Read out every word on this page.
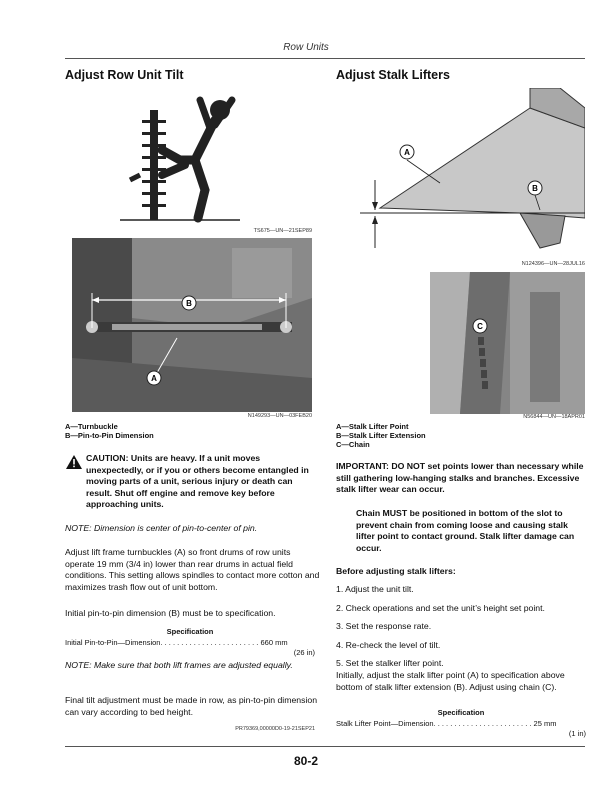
Row Units
Adjust Row Unit Tilt
TS675—UN—21SEP89
B
A
N149293—UN—03FEB20
A—Turnbuckle
B—Pin-to-Pin Dimension
CAUTION: Units are heavy. If a unit moves unexpectedly, or if you or others become entangled in moving parts of a unit, serious injury or death can result. Shut off engine and remove key before approaching units.
NOTE: Dimension is center of pin-to-center of pin.
Adjust lift frame turnbuckles (A) so front drums of row units operate 19 mm (3/4 in) lower than rear drums in actual field conditions. This setting allows spindles to contact more cotton and maximizes trash flow out of unit bottom.
Initial pin-to-pin dimension (B) must be to specification.
Specification
Initial Pin-to-Pin—Dimension. . . . . . . . . . . . . . . . . . . . . . . . 660 mm
(26 in)
NOTE: Make sure that both lift frames are adjusted equally.
Final tilt adjustment must be made in row, as pin-to-pin dimension can vary according to bed height.
PR79369,00000D0-19-21SEP21
Adjust Stalk Lifters
A
B
N124396—UN—28JUL16
C
N56844—UN—18APR01
A—Stalk Lifter Point
B—Stalk Lifter Extension
C—Chain
IMPORTANT: DO NOT set points lower than necessary while still gathering low-hanging stalks and branches. Excessive stalk lifter wear can occur.
Chain MUST be positioned in bottom of the slot to prevent chain from coming loose and causing stalk lifter point to contact ground. Stalk lifter damage can occur.
Before adjusting stalk lifters:
1. Adjust the unit tilt.
2. Check operations and set the unit’s height set point.
3. Set the response rate.
4. Re-check the level of tilt.
5. Set the stalker lifter point.
Initially, adjust the stalk lifter point (A) to specification above bottom of stalk lifter extension (B). Adjust using chain (C).
Specification
Stalk Lifter Point—Dimension. . . . . . . . . . . . . . . . . . . . . . . . 25 mm
(1 in)
80-2
